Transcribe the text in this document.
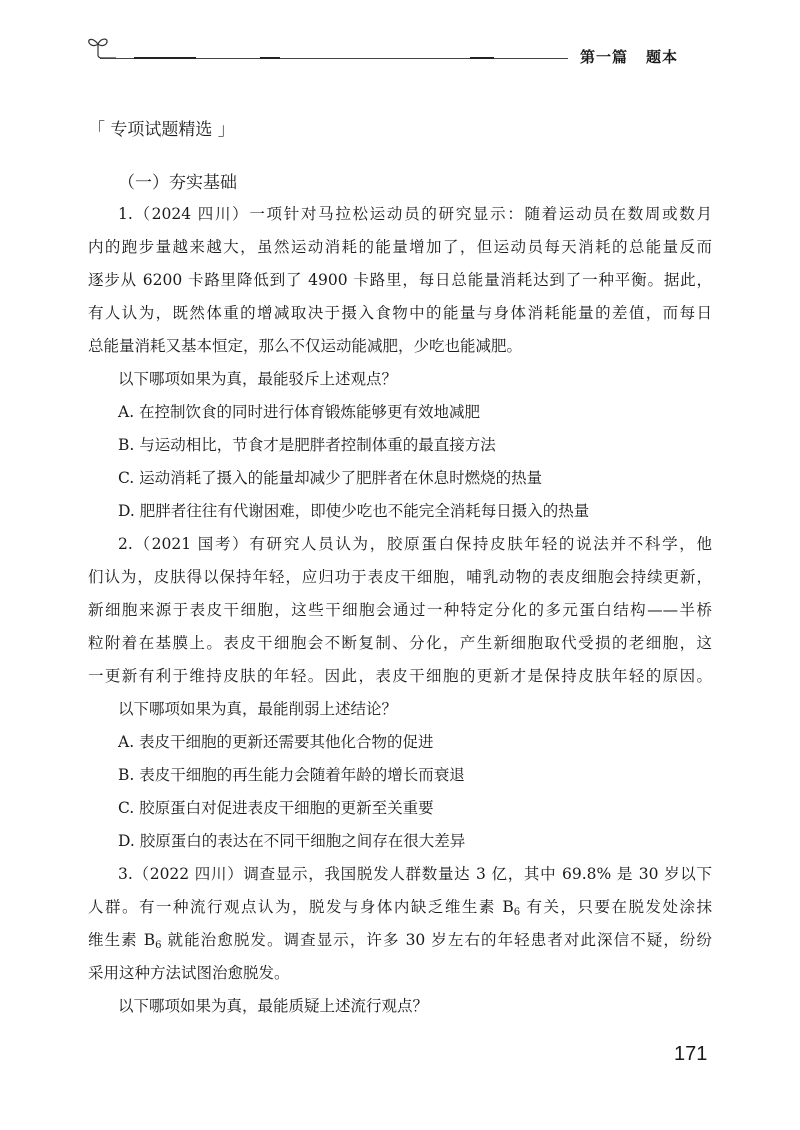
第一篇 题本
「 专项试题精选 」
（一）夯实基础
1.（2024 四川）一项针对马拉松运动员的研究显示：随着运动员在数周或数月
内的跑步量越来越大，虽然运动消耗的能量增加了，但运动员每天消耗的总能量反而
逐步从 6200 卡路里降低到了 4900 卡路里，每日总能量消耗达到了一种平衡。据此，
有人认为，既然体重的增减取决于摄入食物中的能量与身体消耗能量的差值，而每日
总能量消耗又基本恒定，那么不仅运动能减肥，少吃也能减肥。
以下哪项如果为真，最能驳斥上述观点？
A. 在控制饮食的同时进行体育锻炼能够更有效地减肥
B. 与运动相比，节食才是肥胖者控制体重的最直接方法
C. 运动消耗了摄入的能量却减少了肥胖者在休息时燃烧的热量
D. 肥胖者往往有代谢困难，即使少吃也不能完全消耗每日摄入的热量
2.（2021 国考）有研究人员认为，胶原蛋白保持皮肤年轻的说法并不科学，他
们认为，皮肤得以保持年轻，应归功于表皮干细胞，哺乳动物的表皮细胞会持续更新，
新细胞来源于表皮干细胞，这些干细胞会通过一种特定分化的多元蛋白结构——半桥
粒附着在基膜上。表皮干细胞会不断复制、分化，产生新细胞取代受损的老细胞，这
一更新有利于维持皮肤的年轻。因此，表皮干细胞的更新才是保持皮肤年轻的原因。
以下哪项如果为真，最能削弱上述结论？
A. 表皮干细胞的更新还需要其他化合物的促进
B. 表皮干细胞的再生能力会随着年龄的增长而衰退
C. 胶原蛋白对促进表皮干细胞的更新至关重要
D. 胶原蛋白的表达在不同干细胞之间存在很大差异
3.（2022 四川）调查显示，我国脱发人群数量达 3 亿，其中 69.8% 是 30 岁以下
人群。有一种流行观点认为，脱发与身体内缺乏维生素 $B_6$ 有关，只要在脱发处涂抹
维生素 $B_6$ 就能治愈脱发。调查显示，许多 30 岁左右的年轻患者对此深信不疑，纷纷
采用这种方法试图治愈脱发。
以下哪项如果为真，最能质疑上述流行观点？
171
